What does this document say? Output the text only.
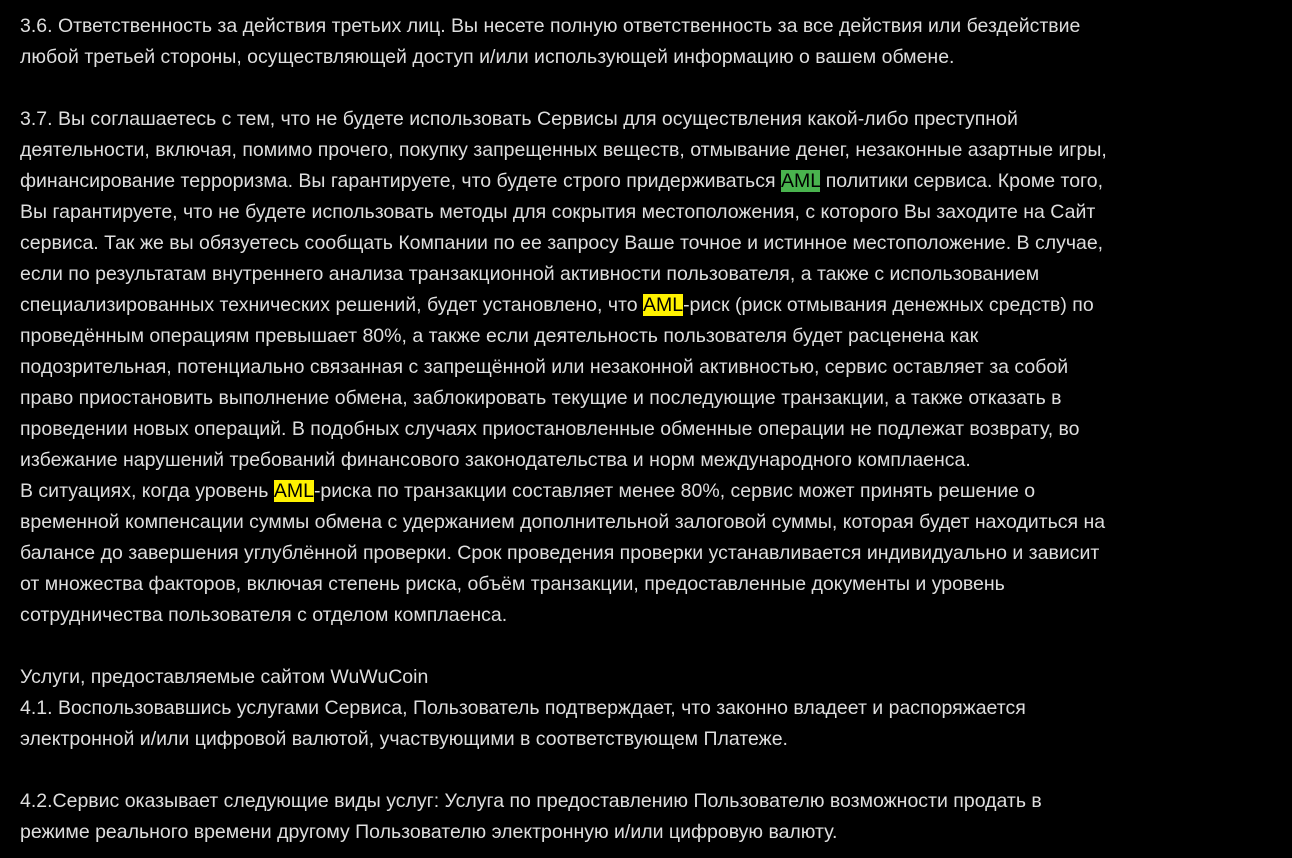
3.6. Ответственность за действия третьих лиц. Вы несете полную ответственность за все действия или бездействие
любой третьей стороны, осуществляющей доступ и/или использующей информацию о вашем обмене.

3.7. Вы соглашаетесь с тем, что не будете использовать Сервисы для осуществления какой-либо преступной
деятельности, включая, помимо прочего, покупку запрещенных веществ, отмывание денег, незаконные азартные игры,
финансирование терроризма. Вы гарантируете, что будете строго придерживаться AML политики сервиса. Кроме того,
Вы гарантируете, что не будете использовать методы для сокрытия местоположения, с которого Вы заходите на Сайт
сервиса. Так же вы обязуетесь сообщать Компании по ее запросу Ваше точное и истинное местоположение. В случае,
если по результатам внутреннего анализа транзакционной активности пользователя, а также с использованием
специализированных технических решений, будет установлено, что AML-риск (риск отмывания денежных средств) по
проведённым операциям превышает 80%, а также если деятельность пользователя будет расценена как
подозрительная, потенциально связанная с запрещённой или незаконной активностью, сервис оставляет за собой
право приостановить выполнение обмена, заблокировать текущие и последующие транзакции, а также отказать в
проведении новых операций. В подобных случаях приостановленные обменные операции не подлежат возврату, во
избежание нарушений требований финансового законодательства и норм международного комплаенса.
В ситуациях, когда уровень AML-риска по транзакции составляет менее 80%, сервис может принять решение о
временной компенсации суммы обмена с удержанием дополнительной залоговой суммы, которая будет находиться на
балансе до завершения углублённой проверки. Срок проведения проверки устанавливается индивидуально и зависит
от множества факторов, включая степень риска, объём транзакции, предоставленные документы и уровень
сотрудничества пользователя с отделом комплаенса.

Услуги, предоставляемые сайтом WuWuCoin
4.1. Воспользовавшись услугами Сервиса, Пользователь подтверждает, что законно владеет и распоряжается
электронной и/или цифровой валютой, участвующими в соответствующем Платеже.

4.2.Сервис оказывает следующие виды услуг: Услуга по предоставлению Пользователю возможности продать в
режиме реального времени другому Пользователю электронную и/или цифровую валюту.
